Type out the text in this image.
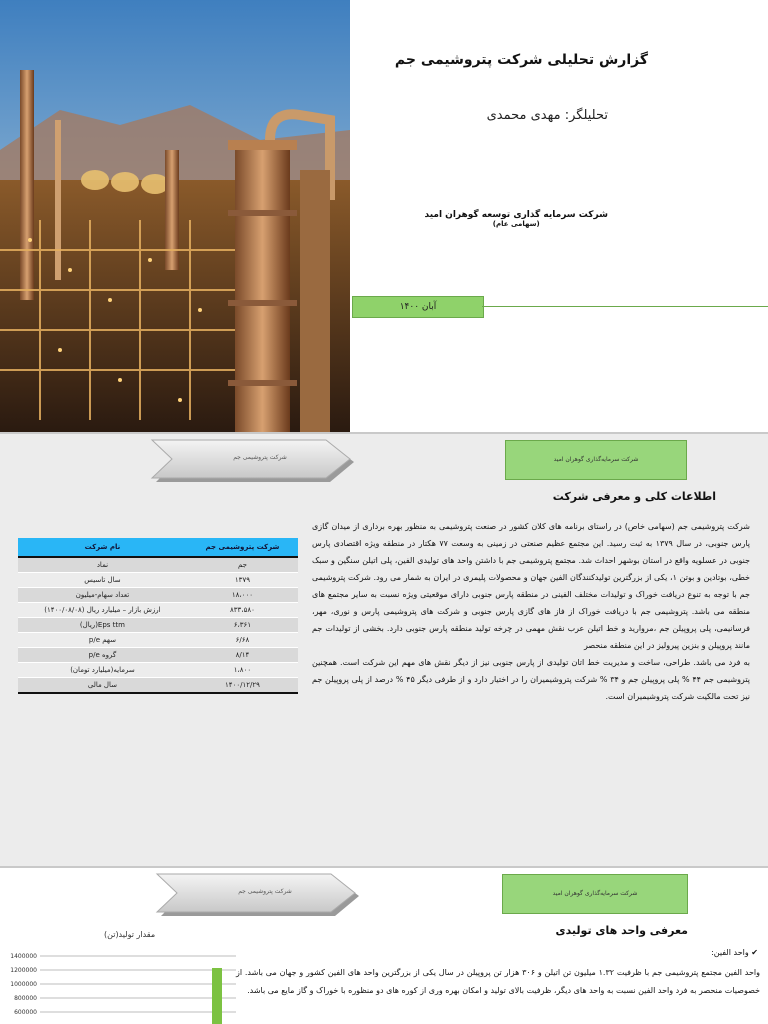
گزارش تحلیلی شرکت پتروشیمی جم
تحلیلگر: مهدی محمدی
شرکت سرمایه گذاری توسعه گوهران امید
(سهامی عام)
آبان ۱۴۰۰
شرکت پتروشیمی جم	شرکت سرمایه‌گذاری گوهران امید
اطلاعات کلی و معرفی شرکت
نام شرکت	شرکت پتروشیمی جم
نماد	جم
سال تاسیس	۱۳۷۹
تعداد سهام-میلیون	۱۸،۰۰۰
ارزش بازار – میلیارد ریال (۱۴۰۰/۰۸/۰۸)	۸۳۳،۵۸۰
(ریال)Eps ttm	۶،۳۶۱
p/e سهم	۶/۶۸
p/e گروه	۸/۱۴
سرمایه(میلیارد تومان)	۱،۸۰۰
سال مالی	۱۴۰۰/۱۲/۲۹
شرکت پتروشیمی جم (سهامی خاص) در راستای برنامه های کلان کشور در صنعت پتروشیمی به منظور بهره برداری از میدان گازی پارس جنوبی، در سال ۱۳۷۹ به ثبت رسید. این مجتمع عظیم صنعتی در زمینی به وسعت ۷۷ هکتار در منطقه ویژه اقتصادی پارس جنوبی در عسلویه واقع در استان بوشهر احداث شد. مجتمع پتروشیمی جم با داشتن واحد های تولیدی الفین، پلی اتیلن سنگین و سبک خطی، بوتادین و بوتن ۱، یکی از بزرگترین تولیدکنندگان الفین جهان و محصولات پلیمری در ایران به شمار می رود. شرکت پتروشیمی جم با توجه به تنوع دریافت خوراک و تولیدات مختلف الفینی در منطقه پارس جنوبی دارای موقعیتی ویژه نسبت به سایر مجتمع های منطقه می باشد. پتروشیمی جم با دریافت خوراک از فاز های گازی پارس جنوبی و شرکت های پتروشیمی پارس و نوری، مهر، فرسانیمی، پلی پروپیلن جم ،مروارید و خط اتیلن عرب نقش مهمی در چرخه تولید منطقه پارس جنوبی دارد. بخشی از تولیدات جم مانند پروپیلن و بنزین پیرولیز در این منطقه منحصر
به فرد می باشد. طراحی، ساخت و مدیریت خط اتان تولیدی از پارس جنوبی نیز از دیگر نقش های مهم این شرکت است. همچنین پتروشیمی جم ۴۴ % پلی پروپیلن جم و ۳۴ % شرکت پتروشیمیران را در اختیار دارد و از طرفی دیگر ۴۵ % درصد از پلی پروپیلن جم نیز تحت مالکیت شرکت پتروشیمیران است.
شرکت پتروشیمی جم	شرکت سرمایه‌گذاری گوهران امید
معرفی واحد های تولیدی
✔ واحد الفین:
واحد الفین مجتمع پتروشیمی جم با ظرفیت ۱.۳۲ میلیون تن اتیلن و ۳۰۶ هزار تن پروپیلن در سال یکی از بزرگترین واحد های الفین کشور و جهان می باشد. از خصوصیات منحصر به فرد واحد الفین نسبت به واحد های دیگر، ظرفیت بالای تولید و امکان بهره وری از کوره های دو منظوره با خوراک و گاز مایع می باشد.
مقدار تولید(تن)
1400000
1200000
1000000
800000
600000
